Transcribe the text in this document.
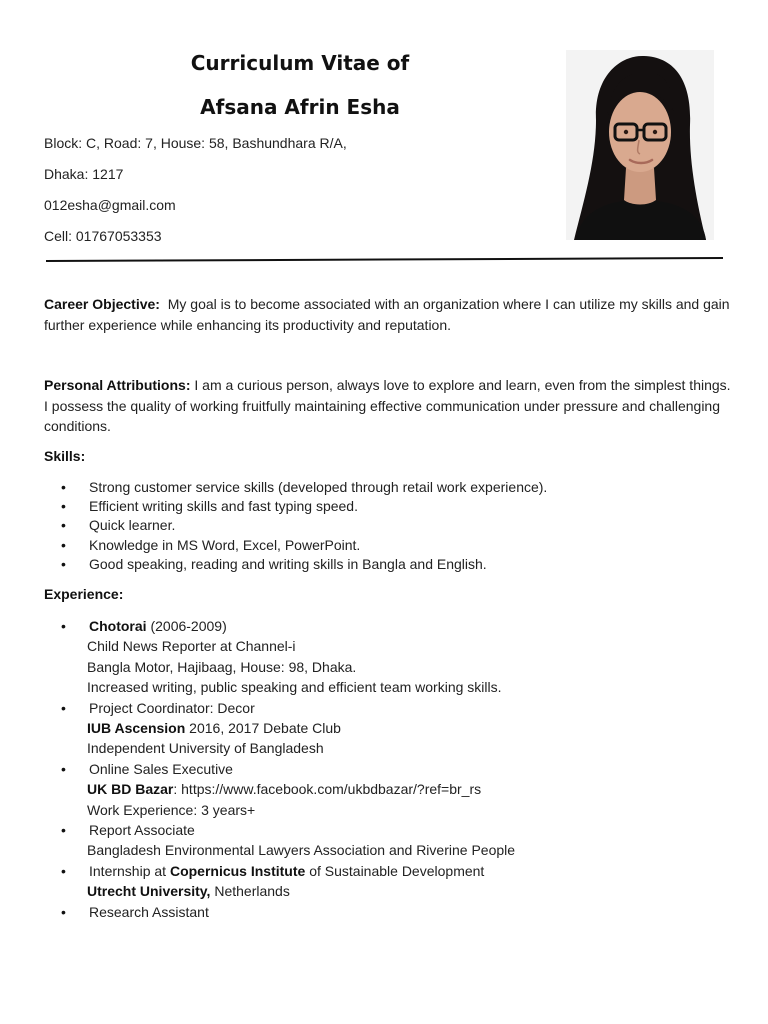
Curriculum Vitae of
Afsana Afrin Esha
Block: C, Road: 7, House: 58, Bashundhara R/A,
Dhaka: 1217
012esha@gmail.com
Cell: 01767053353
Career Objective: My goal is to become associated with an organization where I can utilize my skills and gain further experience while enhancing its productivity and reputation.
Personal Attributions: I am a curious person, always love to explore and learn, even from the simplest things. I possess the quality of working fruitfully maintaining effective communication under pressure and challenging conditions.
Skills:
• Strong customer service skills (developed through retail work experience).
• Efficient writing skills and fast typing speed.
• Quick learner.
• Knowledge in MS Word, Excel, PowerPoint.
• Good speaking, reading and writing skills in Bangla and English.
Experience:
• Chotorai (2006-2009)
Child News Reporter at Channel-i
Bangla Motor, Hajibaag, House: 98, Dhaka.
Increased writing, public speaking and efficient team working skills.
• Project Coordinator: Decor
IUB Ascension 2016, 2017 Debate Club
Independent University of Bangladesh
• Online Sales Executive
UK BD Bazar: https://www.facebook.com/ukbdbazar/?ref=br_rs
Work Experience: 3 years+
• Report Associate
Bangladesh Environmental Lawyers Association and Riverine People
• Internship at Copernicus Institute of Sustainable Development
Utrecht University, Netherlands
• Research Assistant
